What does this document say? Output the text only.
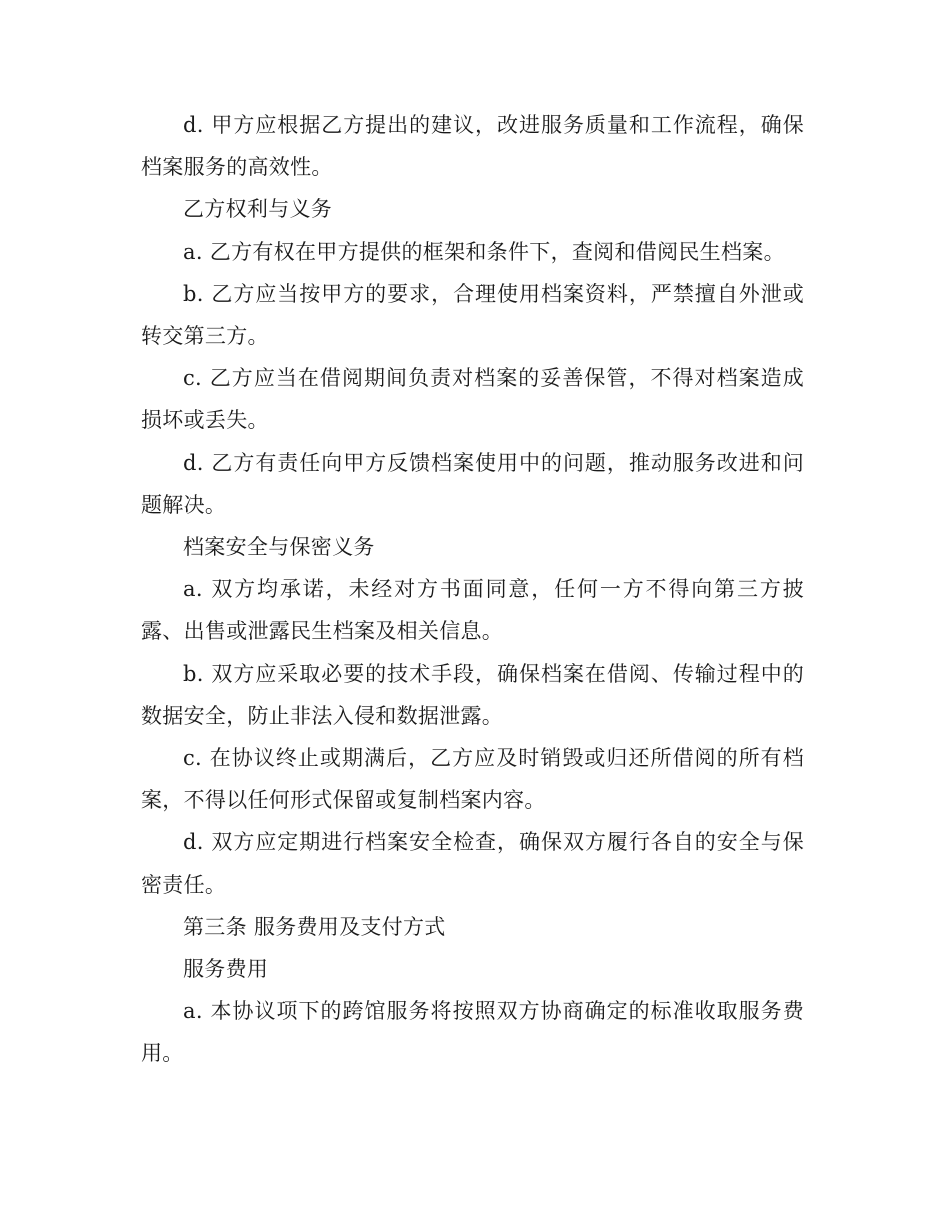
d. 甲方应根据乙方提出的建议，改进服务质量和工作流程，确保档案服务的高效性。

乙方权利与义务

a. 乙方有权在甲方提供的框架和条件下，查阅和借阅民生档案。

b. 乙方应当按甲方的要求，合理使用档案资料，严禁擅自外泄或转交第三方。

c. 乙方应当在借阅期间负责对档案的妥善保管，不得对档案造成损坏或丢失。

d. 乙方有责任向甲方反馈档案使用中的问题，推动服务改进和问题解决。

档案安全与保密义务

a. 双方均承诺，未经对方书面同意，任何一方不得向第三方披露、出售或泄露民生档案及相关信息。

b. 双方应采取必要的技术手段，确保档案在借阅、传输过程中的数据安全，防止非法入侵和数据泄露。

c. 在协议终止或期满后，乙方应及时销毁或归还所借阅的所有档案，不得以任何形式保留或复制档案内容。

d. 双方应定期进行档案安全检查，确保双方履行各自的安全与保密责任。

第三条 服务费用及支付方式

服务费用

a. 本协议项下的跨馆服务将按照双方协商确定的标准收取服务费用。
